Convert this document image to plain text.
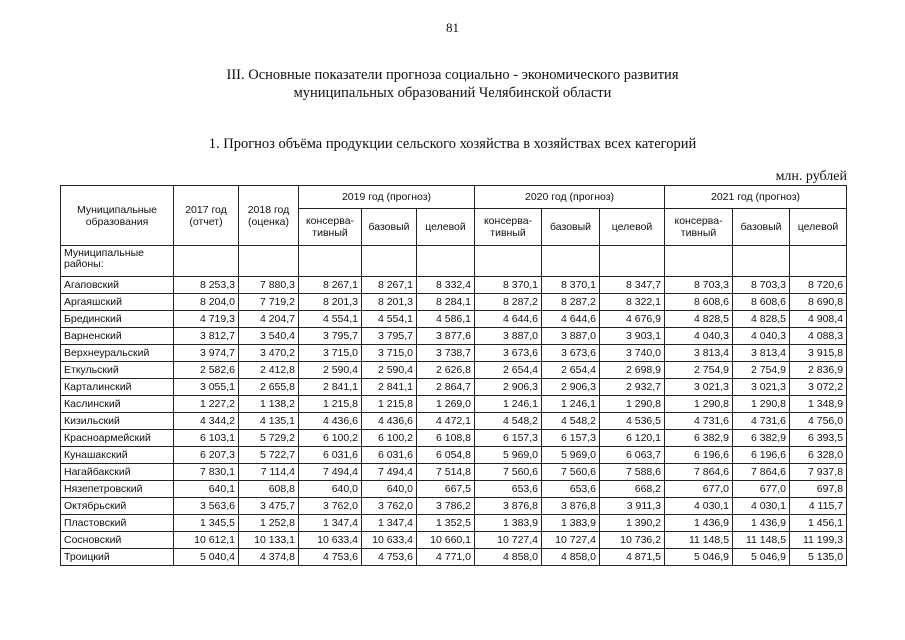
81
III. Основные показатели прогноза социально - экономического развития
муниципальных образований Челябинской области
1. Прогноз объёма продукции сельского хозяйства в хозяйствах всех категорий
млн. рублей
Муниципальные образования	2017 год (отчет)	2018 год (оценка)	2019 год (прогноз)			2020 год (прогноз)			2021 год (прогноз)		
			консерва-тивный	базовый	целевой	консерва-тивный	базовый	целевой	консерва-тивный	базовый	целевой
Муниципальные районы:											
Агаповский	8 253,3	7 880,3	8 267,1	8 267,1	8 332,4	8 370,1	8 370,1	8 347,7	8 703,3	8 703,3	8 720,6
Аргаяшский	8 204,0	7 719,2	8 201,3	8 201,3	8 284,1	8 287,2	8 287,2	8 322,1	8 608,6	8 608,6	8 690,8
Брединский	4 719,3	4 204,7	4 554,1	4 554,1	4 586,1	4 644,6	4 644,6	4 676,9	4 828,5	4 828,5	4 908,4
Варненский	3 812,7	3 540,4	3 795,7	3 795,7	3 877,6	3 887,0	3 887,0	3 903,1	4 040,3	4 040,3	4 088,3
Верхнеуральский	3 974,7	3 470,2	3 715,0	3 715,0	3 738,7	3 673,6	3 673,6	3 740,0	3 813,4	3 813,4	3 915,8
Еткульский	2 582,6	2 412,8	2 590,4	2 590,4	2 626,8	2 654,4	2 654,4	2 698,9	2 754,9	2 754,9	2 836,9
Карталинский	3 055,1	2 655,8	2 841,1	2 841,1	2 864,7	2 906,3	2 906,3	2 932,7	3 021,3	3 021,3	3 072,2
Каслинский	1 227,2	1 138,2	1 215,8	1 215,8	1 269,0	1 246,1	1 246,1	1 290,8	1 290,8	1 290,8	1 348,9
Кизильский	4 344,2	4 135,1	4 436,6	4 436,6	4 472,1	4 548,2	4 548,2	4 536,5	4 731,6	4 731,6	4 756,0
Красноармейский	6 103,1	5 729,2	6 100,2	6 100,2	6 108,8	6 157,3	6 157,3	6 120,1	6 382,9	6 382,9	6 393,5
Кунашакский	6 207,3	5 722,7	6 031,6	6 031,6	6 054,8	5 969,0	5 969,0	6 063,7	6 196,6	6 196,6	6 328,0
Нагайбакский	7 830,1	7 114,4	7 494,4	7 494,4	7 514,8	7 560,6	7 560,6	7 588,6	7 864,6	7 864,6	7 937,8
Нязепетровский	640,1	608,8	640,0	640,0	667,5	653,6	653,6	668,2	677,0	677,0	697,8
Октябрьский	3 563,6	3 475,7	3 762,0	3 762,0	3 786,2	3 876,8	3 876,8	3 911,3	4 030,1	4 030,1	4 115,7
Пластовский	1 345,5	1 252,8	1 347,4	1 347,4	1 352,5	1 383,9	1 383,9	1 390,2	1 436,9	1 436,9	1 456,1
Сосновский	10 612,1	10 133,1	10 633,4	10 633,4	10 660,1	10 727,4	10 727,4	10 736,2	11 148,5	11 148,5	11 199,3
Троицкий	5 040,4	4 374,8	4 753,6	4 753,6	4 771,0	4 858,0	4 858,0	4 871,5	5 046,9	5 046,9	5 135,0
